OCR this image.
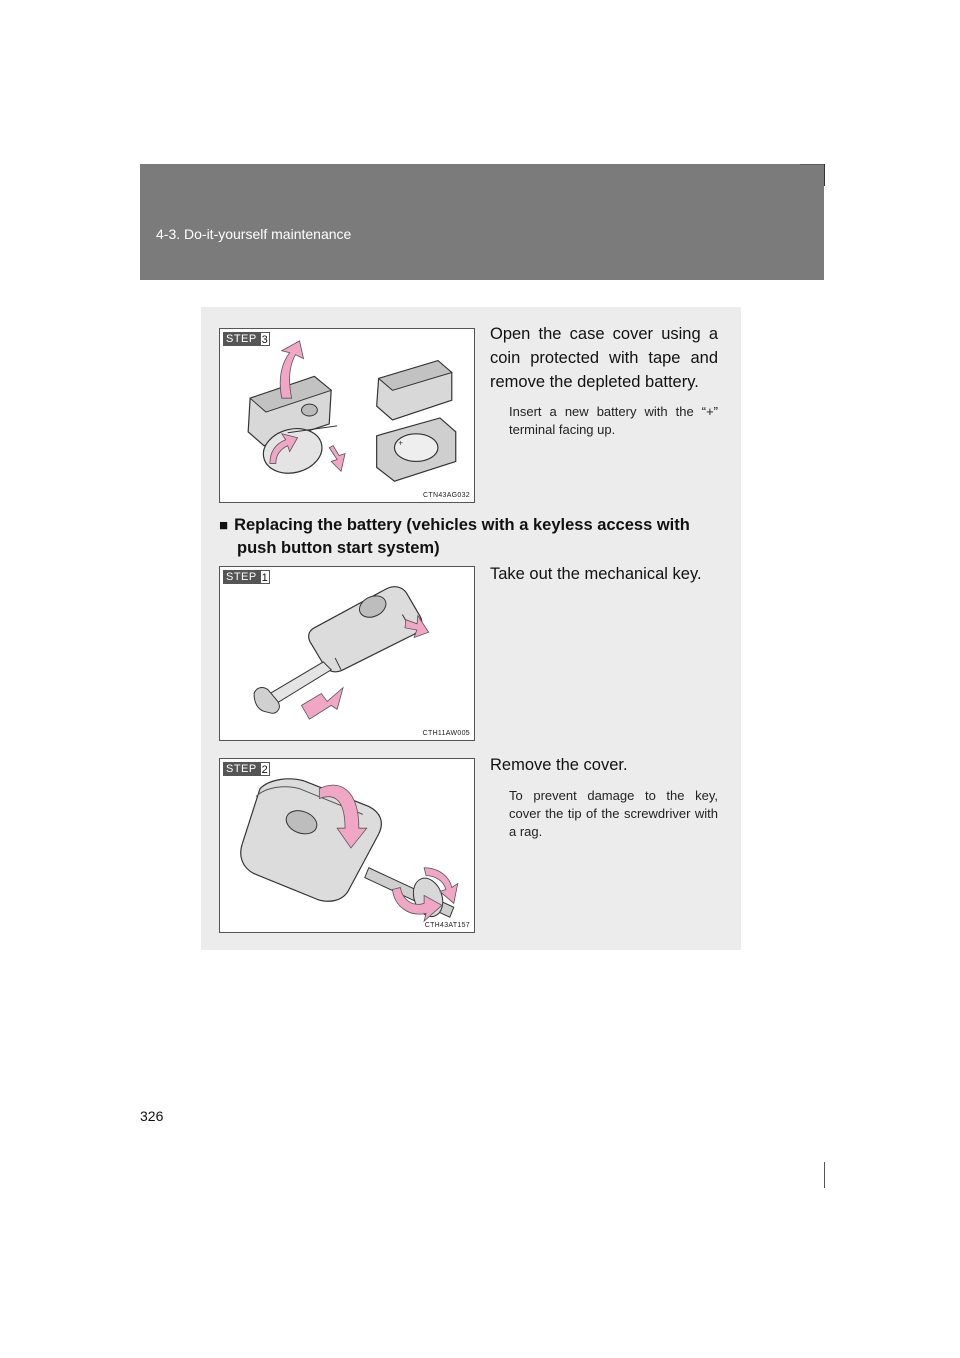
4-3. Do-it-yourself maintenance
+
STEP 3
CTN43AG032
Open the case cover using a coin protected with tape and remove the depleted battery.
Insert a new battery with the “+” terminal facing up.
■ Replacing the battery (vehicles with a keyless access with
push button start system)
STEP 1
CTH11AW005
Take out the mechanical key.
STEP 2
CTH43AT157
Remove the cover.
To prevent damage to the key, cover the tip of the screwdriver with a rag.
326
